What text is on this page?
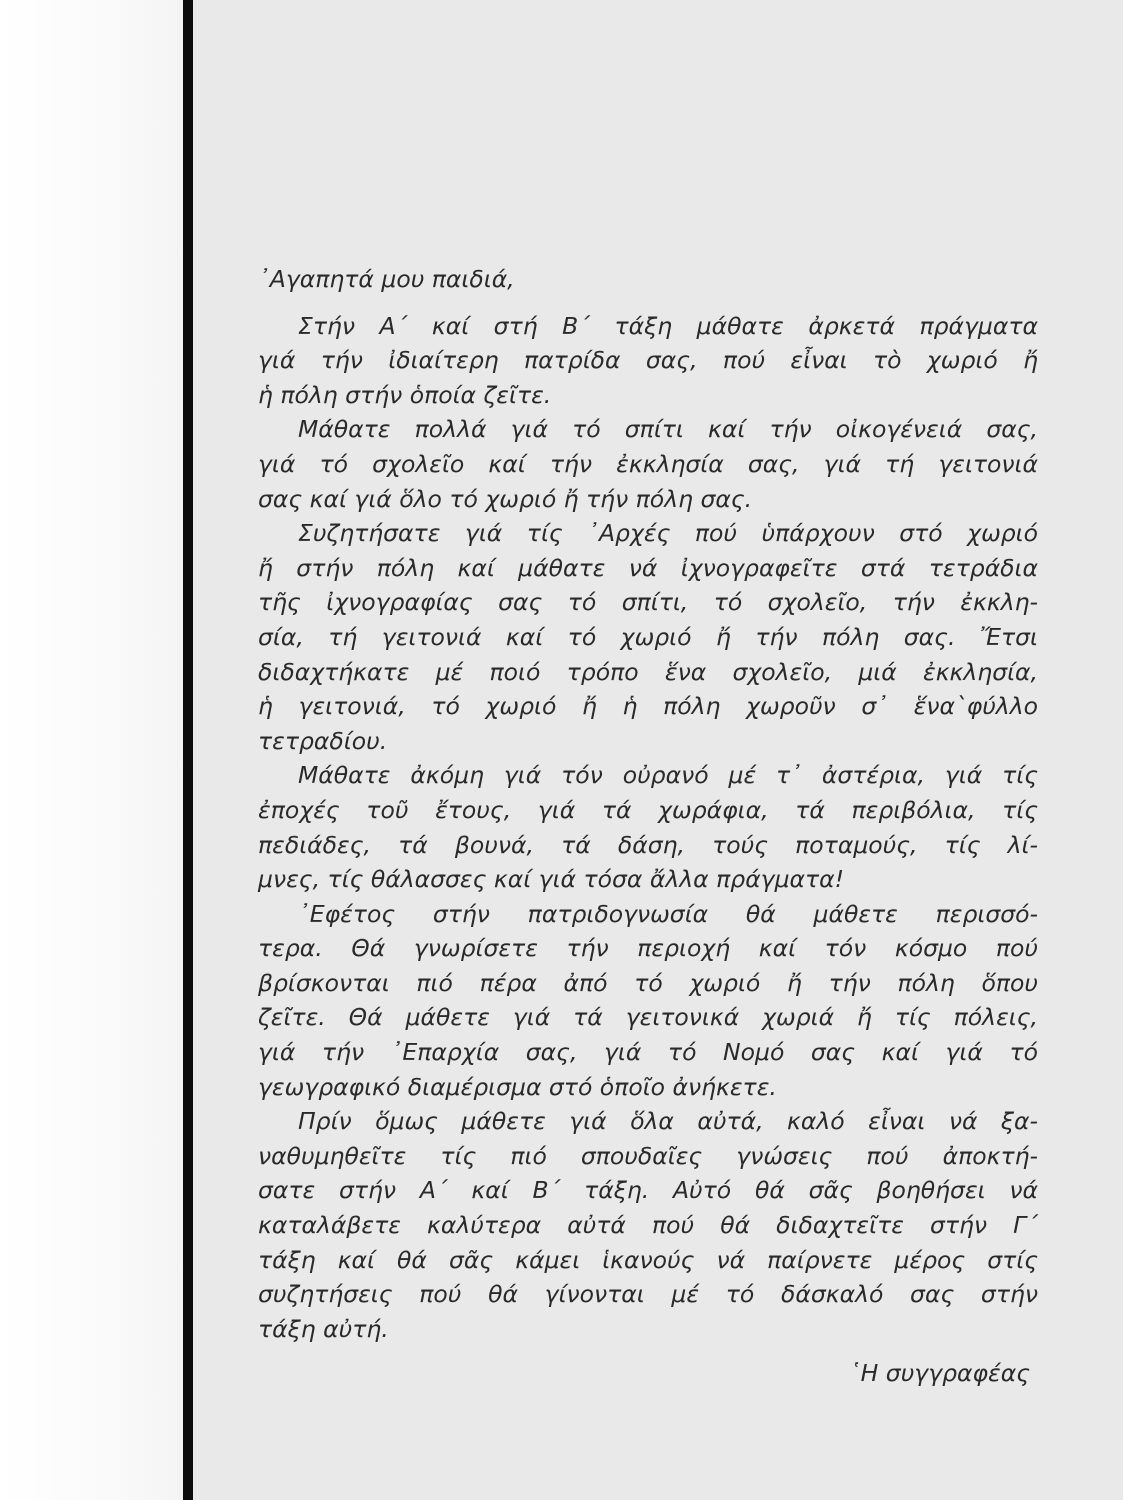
᾿Αγαπητά μου παιδιά,

Στήν Α΄ καί στή Β΄ τάξη μάθατε ἀρκετά πράγματα
γιά τήν ἰδιαίτερη πατρίδα σας, πού εἶναι τὸ χωριό ἤ
ἡ πόλη στήν ὁποία ζεῖτε.

Μάθατε πολλά γιά τό σπίτι καί τήν οἰκογένειά σας,
γιά τό σχολεῖο καί τήν ἐκκλησία σας, γιά τή γειτονιά
σας καί γιά ὅλο τό χωριό ἤ τήν πόλη σας.

Συζητήσατε γιά τίς ᾿Αρχές πού ὑπάρχουν στό χωριό
ἤ στήν πόλη καί μάθατε νά ἰχνογραφεῖτε στά τετράδια
τῆς ἰχνογραφίας σας τό σπίτι, τό σχολεῖο, τήν ἐκκλη-
σία, τή γειτονιά καί τό χωριό ἤ τήν πόλη σας. Ἔτσι
διδαχτήκατε μέ ποιό τρόπο ἕνα σχολεῖο, μιά ἐκκλησία,
ἡ γειτονιά, τό χωριό ἤ ἡ πόλη χωροῦν σ᾿ ἕνα`φύλλο
τετραδίου.

Μάθατε ἀκόμη γιά τόν οὐρανό μέ τ᾿ ἀστέρια, γιά τίς
ἐποχές τοῦ ἔτους, γιά τά χωράφια, τά περιβόλια, τίς
πεδιάδες, τά βουνά, τά δάση, τούς ποταμούς, τίς λί-
μνες, τίς θάλασσες καί γιά τόσα ἄλλα πράγματα!

᾿Εφέτος στήν πατριδογνωσία θά μάθετε περισσό-
τερα. Θά γνωρίσετε τήν περιοχή καί τόν κόσμο πού
βρίσκονται πιό πέρα ἀπό τό χωριό ἤ τήν πόλη ὅπου
ζεῖτε. Θά μάθετε γιά τά γειτονικά χωριά ἤ τίς πόλεις,
γιά τήν ᾿Επαρχία σας, γιά τό Νομό σας καί γιά τό
γεωγραφικό διαμέρισμα στό ὁποῖο ἀνήκετε.

Πρίν ὅμως μάθετε γιά ὅλα αὐτά, καλό εἶναι νά ξα-
ναθυμηθεῖτε τίς πιό σπουδαῖες γνώσεις πού ἀποκτή-
σατε στήν Α΄ καί Β΄ τάξη. Αὐτό θά σᾶς βοηθήσει νά
καταλάβετε καλύτερα αὐτά πού θά διδαχτεῖτε στήν Γ΄
τάξη καί θά σᾶς κάμει ἱκανούς νά παίρνετε μέρος στίς
συζητήσεις πού θά γίνονται μέ τό δάσκαλό σας στήν
τάξη αὐτή.

῾Η συγγραφέας
